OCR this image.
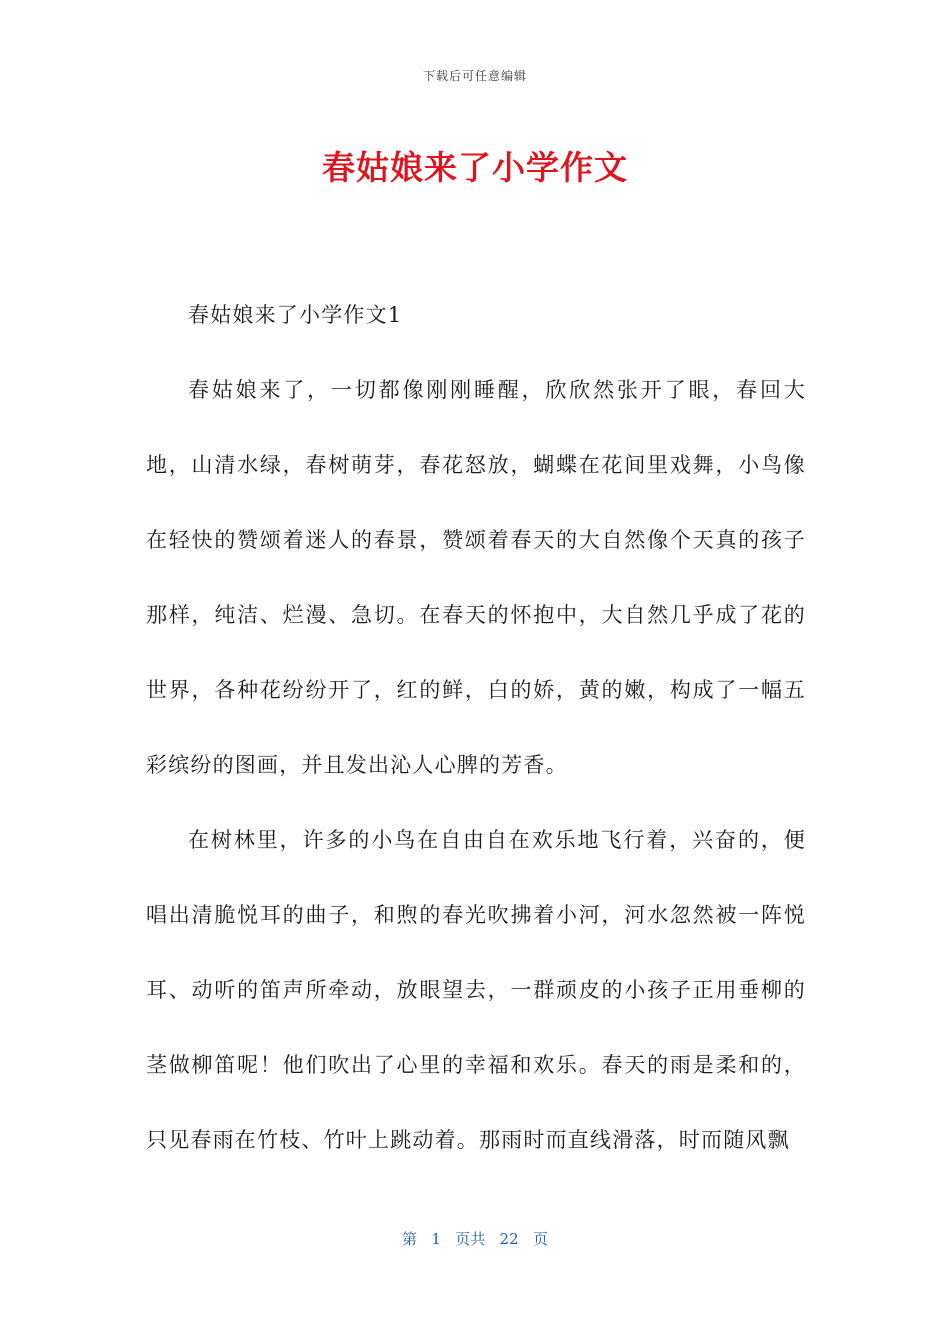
下载后可任意编辑
春姑娘来了小学作文

春姑娘来了小学作文1

春姑娘来了，一切都像刚刚睡醒，欣欣然张开了眼，春回大地，山清水绿，春树萌芽，春花怒放，蝴蝶在花间里戏舞，小鸟像在轻快的赞颂着迷人的春景，赞颂着春天的大自然像个天真的孩子那样，纯洁、烂漫、急切。在春天的怀抱中，大自然几乎成了花的世界，各种花纷纷开了，红的鲜，白的娇，黄的嫩，构成了一幅五彩缤纷的图画，并且发出沁人心脾的芳香。

在树林里，许多的小鸟在自由自在欢乐地飞行着，兴奋的，便唱出清脆悦耳的曲子，和煦的春光吹拂着小河，河水忽然被一阵悦耳、动听的笛声所牵动，放眼望去，一群顽皮的小孩子正用垂柳的茎做柳笛呢！他们吹出了心里的幸福和欢乐。春天的雨是柔和的，只见春雨在竹枝、竹叶上跳动着。那雨时而直线滑落，时而随风飘

第 1 页共 22 页
